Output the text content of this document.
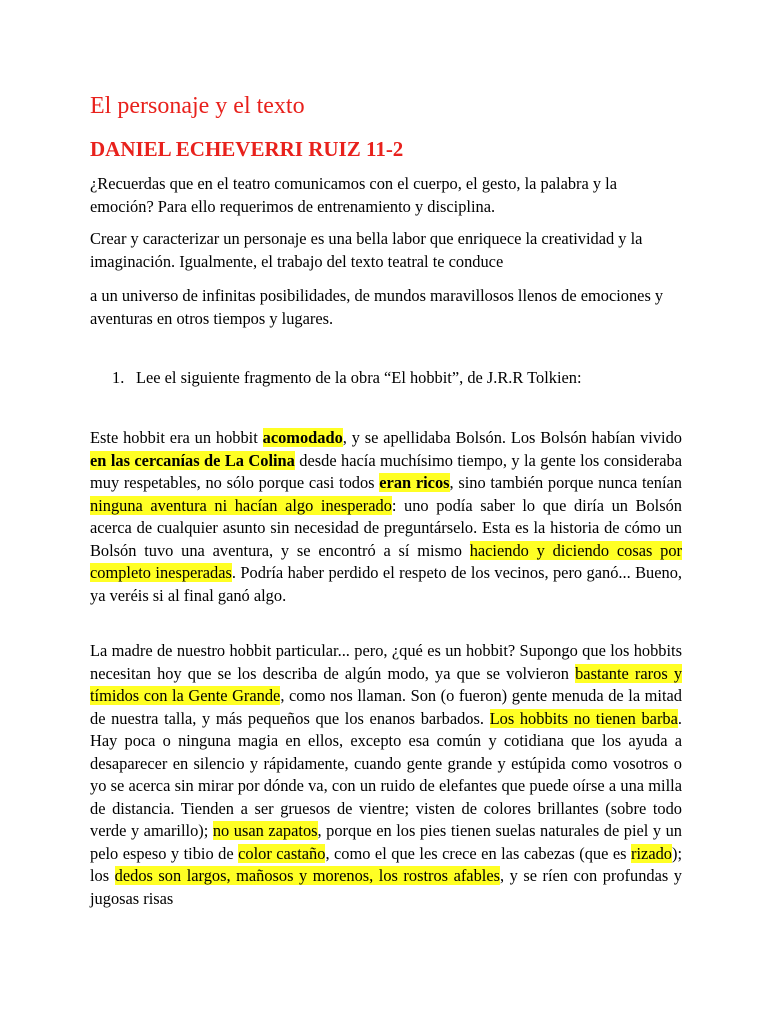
El personaje y el texto
DANIEL ECHEVERRI RUIZ 11-2

¿Recuerdas que en el teatro comunicamos con el cuerpo, el gesto, la palabra y la emoción? Para ello requerimos de entrenamiento y disciplina.

Crear y caracterizar un personaje es una bella labor que enriquece la creatividad y la imaginación. Igualmente, el trabajo del texto teatral te conduce

a un universo de infinitas posibilidades, de mundos maravillosos llenos de emociones y aventuras en otros tiempos y lugares.

1. Lee el siguiente fragmento de la obra “El hobbit”, de J.R.R Tolkien:

Este hobbit era un hobbit acomodado, y se apellidaba Bolsón. Los Bolsón habían vivido en las cercanías de La Colina desde hacía muchísimo tiempo, y la gente los consideraba muy respetables, no sólo porque casi todos eran ricos, sino también porque nunca tenían ninguna aventura ni hacían algo inesperado: uno podía saber lo que diría un Bolsón acerca de cualquier asunto sin necesidad de preguntárselo. Esta es la historia de cómo un Bolsón tuvo una aventura, y se encontró a sí mismo haciendo y diciendo cosas por completo inesperadas. Podría haber perdido el respeto de los vecinos, pero ganó... Bueno, ya veréis si al final ganó algo.

La madre de nuestro hobbit particular... pero, ¿qué es un hobbit? Supongo que los hobbits necesitan hoy que se los describa de algún modo, ya que se volvieron bastante raros y tímidos con la Gente Grande, como nos llaman. Son (o fueron) gente menuda de la mitad de nuestra talla, y más pequeños que los enanos barbados. Los hobbits no tienen barba. Hay poca o ninguna magia en ellos, excepto esa común y cotidiana que los ayuda a desaparecer en silencio y rápidamente, cuando gente grande y estúpida como vosotros o yo se acerca sin mirar por dónde va, con un ruido de elefantes que puede oírse a una milla de distancia. Tienden a ser gruesos de vientre; visten de colores brillantes (sobre todo verde y amarillo); no usan zapatos, porque en los pies tienen suelas naturales de piel y un pelo espeso y tibio de color castaño, como el que les crece en las cabezas (que es rizado); los dedos son largos, mañosos y morenos, los rostros afables, y se ríen con profundas y jugosas risas
